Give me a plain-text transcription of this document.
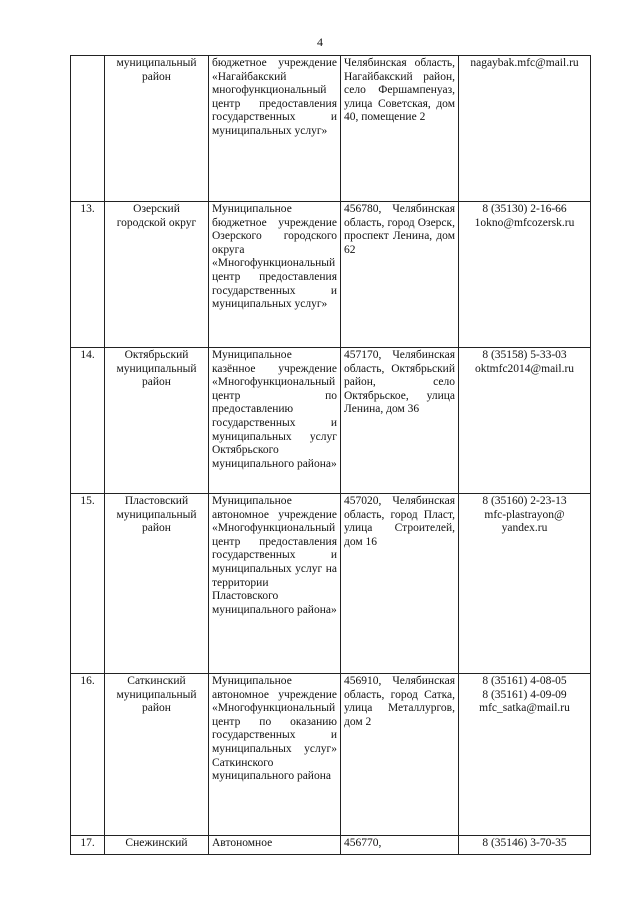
4
	муниципальный район	бюджетное учреждение «Нагайбакский многофункциональный центр предоставления государственных и муниципальных услуг»	Челябинская область, Нагайбакский район, село Фершампенуаз, улица Советская, дом 40, помещение 2	nagaybak.mfc@mail.ru

13.	Озерский городской округ	Муниципальное бюджетное учреждение Озерского городского округа «Многофункциональный центр предоставления государственных и муниципальных услуг»	456780, Челябинская область, город Озерск, проспект Ленина, дом 62	8 (35130) 2-16-66
1okno@mfcozersk.ru

14.	Октябрьский муниципальный район	Муниципальное казённое учреждение «Многофункциональный центр по предоставлению государственных и муниципальных услуг Октябрьского муниципального района»	457170, Челябинская область, Октябрьский район, село Октябрьское, улица Ленина, дом 36	8 (35158) 5-33-03
oktmfc2014@mail.ru

15.	Пластовский муниципальный район	Муниципальное автономное учреждение «Многофункциональный центр предоставления государственных и муниципальных услуг на территории Пластовского муниципального района»	457020, Челябинская область, город Пласт, улица Строителей, дом 16	8 (35160) 2-23-13
mfc-plastrayon@
yandex.ru

16.	Саткинский муниципальный район	Муниципальное автономное учреждение «Многофункциональный центр по оказанию государственных и муниципальных услуг» Саткинского муниципального района	456910, Челябинская область, город Сатка, улица Металлургов, дом 2	8 (35161) 4-08-05
8 (35161) 4-09-09
mfc_satka@mail.ru

17.	Снежинский	Автономное	456770,	8 (35146) 3-70-35
